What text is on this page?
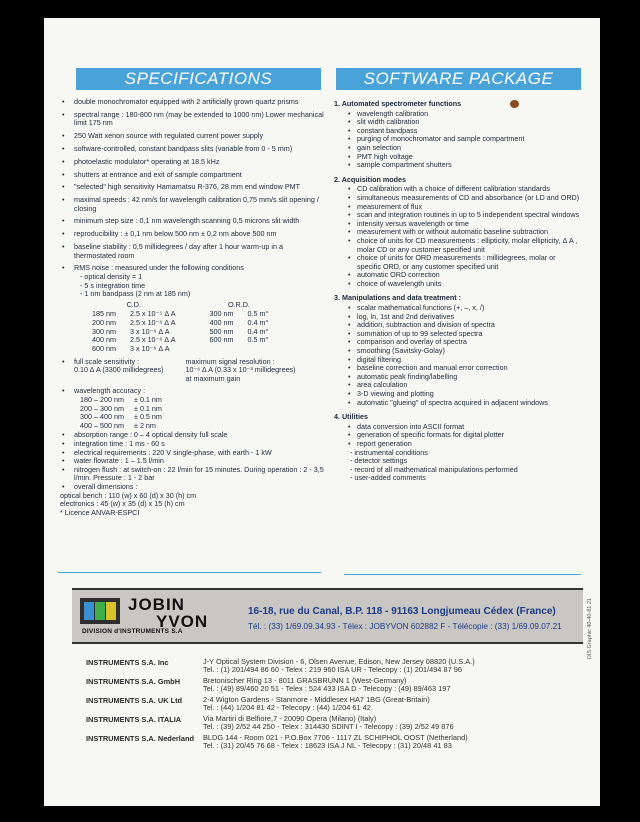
SPECIFICATIONS	SOFTWARE PACKAGE
• double monochromator equipped with 2 artificially grown quartz prisms
• spectral range : 180-800 nm (may be extended to 1000 nm) Lower mechanical limit 175 nm
• 250 Watt xenon source with regulated current power supply
• software-controlled, constant bandpass slits (variable from 0 - 5 mm)
• photoelastic modulator* operating at 18.5 kHz
• shutters at entrance and exit of sample compartment
• "selected" high sensitivity Hamamatsu R-376, 28 mm end window PMT
• maximal speeds : 42 nm/s for wavelength calibration 0,75 mm/s slit opening / closing
• minimum step size : 0,1 nm wavelength scanning 0,5 microns slit width
• reproducibility : ± 0,1 nm below 500 nm ± 0,2 nm above 500 nm
• baseline stability : 0,5 millidegrees / day after 1 hour warm-up in a thermostated room
• RMS noise : measured under the following conditions
- optical density = 1
- 5 s integration time
- 1 nm bandpass (2 nm at 185 nm)
C.D.
185 nm 2.5 x 10⁻⁵ Δ A
200 nm 2.5 x 10⁻⁶ Δ A
300 nm 3 x 10⁻⁶ Δ A
400 nm 2.5 x 10⁻⁶ Δ A
600 nm 3 x 10⁻⁶ Δ A
O.R.D.
300 nm 0.5 m°
400 nm 0.4 m°
500 nm 0.4 m°
600 nm 0.5 m°
• full scale sensitivity :
0.10 Δ A (3300 millidegrees)
maximum signal resolution :
10⁻⁶ Δ A (0.33 x 10⁻³ millidegrees)
at maximum gain
• wavelength accuracy :
180 – 200 nm	± 0.1 nm
200 – 300 nm	± 0.1 nm
300 – 400 nm	± 0.5 nm
400 – 500 nm	± 2 nm
• absorption range : 0 – 4 optical density full scale
• integration time : 1 ms - 60 s
• electrical requirements : 220 V single-phase, with earth - 1 kW
• water flowrate : 1 – 1.5 l/min
• nitrogen flush : at switch-on : 22 l/min for 15 minutes. During operation : 2 - 3,5 l/min. Pressure : 1 - 2 bar
• overall dimensions :
optical bench : 110 (w) x 60 (d) x 30 (h) cm
electronics : 45 (w) x 35 (d) x 15 (h) cm
* Licence ANVAR-ESPCI
1. Automated spectrometer functions
• wavelength calibration
• slit width calibration
• constant bandpass
• purging of monochromator and sample compartment
• gain selection
• PMT high voltage
• sample compartment shutters
2. Acquisition modes
• CD calibration with a choice of different calibration standards
• simultaneous measurements of CD and absorbance (or LD and ORD)
• measurement of flux
• scan and integration routines in up to 5 independent spectral windows
• intensity versus wavelength or time
• measurement with or without automatic baseline subtraction
• choice of units for CD measurements : ellipticity, molar ellipticity, Δ A , molar CD or any customer specified unit
• choice of units for ORD measurements : millidegrees, molar or specific ORD, or any customer specified unit
• automatic ORD correction
• choice of wavelength units
3. Manipulations and data treatment :
• scalar mathematical functions (+, –, x, /)
• log, ln, 1st and 2nd derivatives
• addition, subtraction and division of spectra
• summation of up to 99 selected spectra
• comparison and overlay of spectra
• smoothing (Savitsky-Golay)
• digital filtering
• baseline correction and manual error correction
• automatic peak finding/labelling
• area calculation
• 3-D viewing and plotting
• automatic "glueing" of spectra acquired in adjacent windows
4. Utilities
• data conversion into ASCII format
• generation of specific formats for digital plotter
• report generation
- instrumental conditions
- detector settings
- record of all mathematical manipulations performed
- user-added comments
JOBIN
YVON
DIVISION d'INSTRUMENTS S.A
16-18, rue du Canal, B.P. 118 - 91163 Longjumeau Cédex (France)
Tél. : (33) 1/69.09.34.93 - Télex : JOBYVON 602882 F - Télécopie : (33) 1/69.09.07.21	DIS Graphic 40-40-81 21
INSTRUMENTS S.A. Inc	J-Y Optical System Division - 6, Olsen Avenue, Edison, New Jersey 08820 (U.S.A.)
Tel. : (1) 201/494 86 60 - Telex : 219 960 ISA UR - Telecopy : (1) 201/494 87 96
INSTRUMENTS S.A. GmbH	Bretonischer Ring 13 - 8011 GRASBRUNN 1 (West-Germany)
Tel. : (49) 89/460 20 51 - Telex : 524 433 ISA D - Telecopy : (49) 89/463 197
INSTRUMENTS S.A. UK Ltd	2-4 Wigton Gardens - Stanmore - Middlesex HA7 1BG (Great-Britain)
Tel. : (44) 1/204 81 42 - Telecopy : (44) 1/204 61 42
INSTRUMENTS S.A. ITALIA	Via Martiri di Belfiore,7 - 20090 Opera (Milano) (Italy)
Tel. : (39) 2/52 44 250 - Telex : 314430 SDINT I - Telecopy : (39) 2/52 49 876
INSTRUMENTS S.A. Nederland	BLDG 144 - Room 021 - P.O.Box 7706 - 1117 ZL SCHIPHOL OOST (Netherland)
Tel. : (31) 20/45 76 68 - Telex : 18623 ISA J NL - Telecopy : (31) 20/48 41 83
